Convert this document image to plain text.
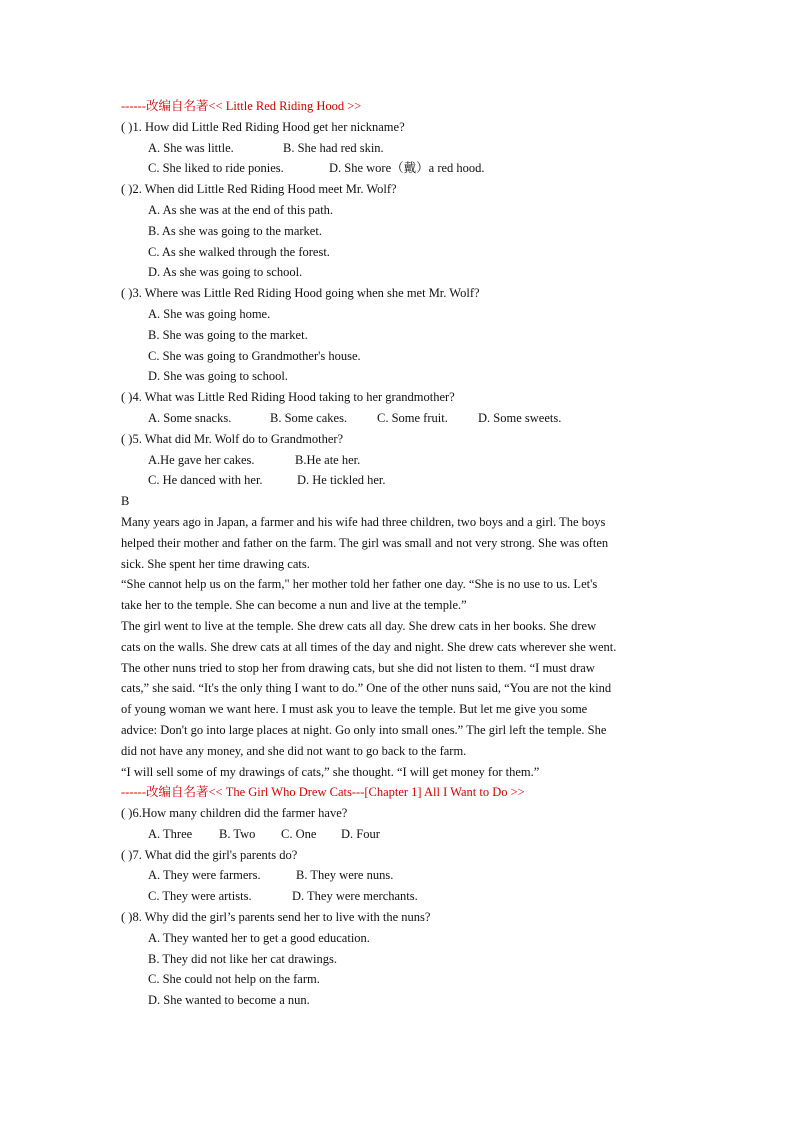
------改编自名著<< Little Red Riding Hood >>
( )1. How did Little Red Riding Hood get her nickname?
A. She was little.	B. She had red skin.
C. She liked to ride ponies.	D. She wore（戴）a red hood.
( )2. When did Little Red Riding Hood meet Mr. Wolf?
A. As she was at the end of this path.
B. As she was going to the market.
C. As she walked through the forest.
D. As she was going to school.
( )3. Where was Little Red Riding Hood going when she met Mr. Wolf?
A. She was going home.
B. She was going to the market.
C. She was going to Grandmother's house.
D. She was going to school.
( )4. What was Little Red Riding Hood taking to her grandmother?
A. Some snacks.	B. Some cakes. C. Some fruit. D. Some sweets.
( )5. What did Mr. Wolf do to Grandmother?
A.He gave her cakes.	B.He ate her.
C. He danced with her.	D. He tickled her.
B
Many years ago in Japan, a farmer and his wife had three children, two boys and a girl. The boys
helped their mother and father on the farm. The girl was small and not very strong. She was often
sick. She spent her time drawing cats.
“She cannot help us on the farm," her mother told her father one day. “She is no use to us. Let's
take her to the temple. She can become a nun and live at the temple.”
The girl went to live at the temple. She drew cats all day. She drew cats in her books. She drew
cats on the walls. She drew cats at all times of the day and night. She drew cats wherever she went.
The other nuns tried to stop her from drawing cats, but she did not listen to them. “I must draw
cats,” she said. “It's the only thing I want to do.” One of the other nuns said, “You are not the kind
of young woman we want here. I must ask you to leave the temple. But let me give you some
advice: Don't go into large places at night. Go only into small ones.” The girl left the temple. She
did not have any money, and she did not want to go back to the farm.
“I will sell some of my drawings of cats,” she thought. “I will get money for them.”
------改编自名著<< The Girl Who Drew Cats---[Chapter 1] All I Want to Do >>
( )6.How many children did the farmer have?
A. Three B. Two C. One D. Four
( )7. What did the girl's parents do?
A. They were farmers.	B. They were nuns.
C. They were artists.	D. They were merchants.
( )8. Why did the girl’s parents send her to live with the nuns?
A. They wanted her to get a good education.
B. They did not like her cat drawings.
C. She could not help on the farm.
D. She wanted to become a nun.
